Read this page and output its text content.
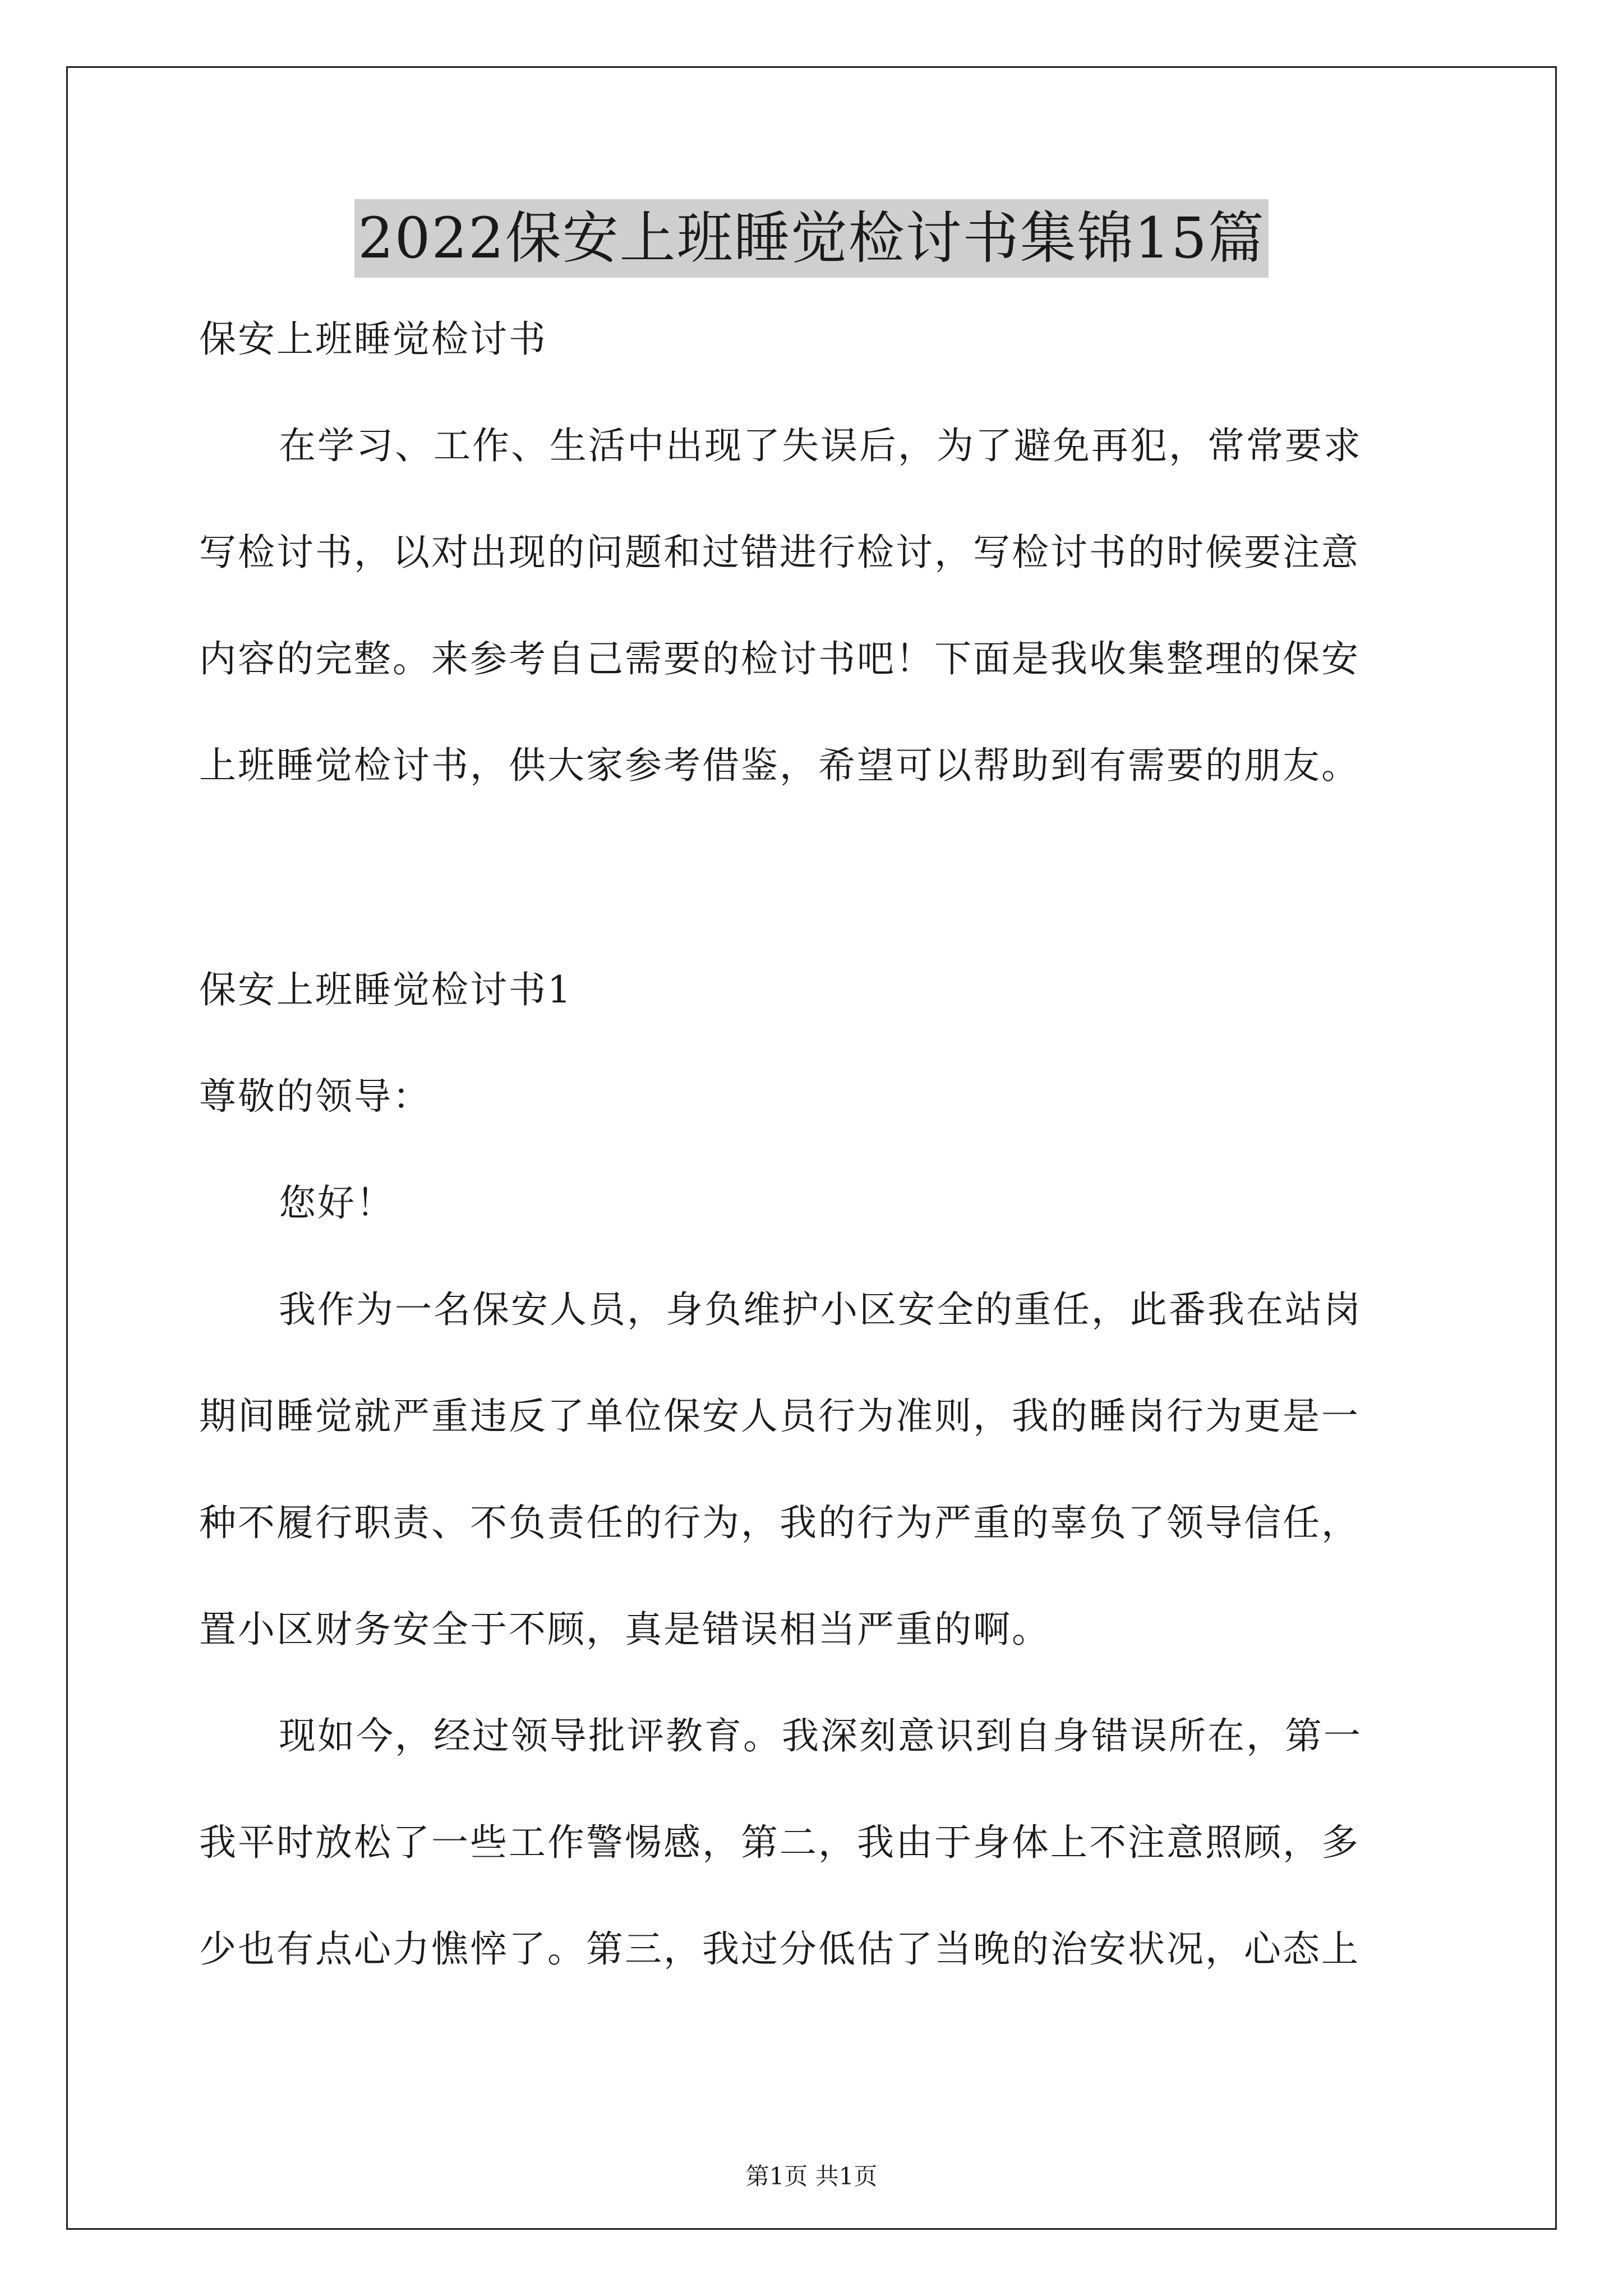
2022保安上班睡觉检讨书集锦15篇
保安上班睡觉检讨书
在学习、工作、生活中出现了失误后，为了避免再犯，常常要求
写检讨书，以对出现的问题和过错进行检讨，写检讨书的时候要注意
内容的完整。来参考自己需要的检讨书吧！下面是我收集整理的保安
上班睡觉检讨书，供大家参考借鉴，希望可以帮助到有需要的朋友。
保安上班睡觉检讨书1
尊敬的领导：
您好！
我作为一名保安人员，身负维护小区安全的重任，此番我在站岗
期间睡觉就严重违反了单位保安人员行为准则，我的睡岗行为更是一
种不履行职责、不负责任的行为，我的行为严重的辜负了领导信任，
置小区财务安全于不顾，真是错误相当严重的啊。
现如今，经过领导批评教育。我深刻意识到自身错误所在，第一
我平时放松了一些工作警惕感，第二，我由于身体上不注意照顾，多
少也有点心力憔悴了。第三，我过分低估了当晚的治安状况，心态上
第1页 共1页
